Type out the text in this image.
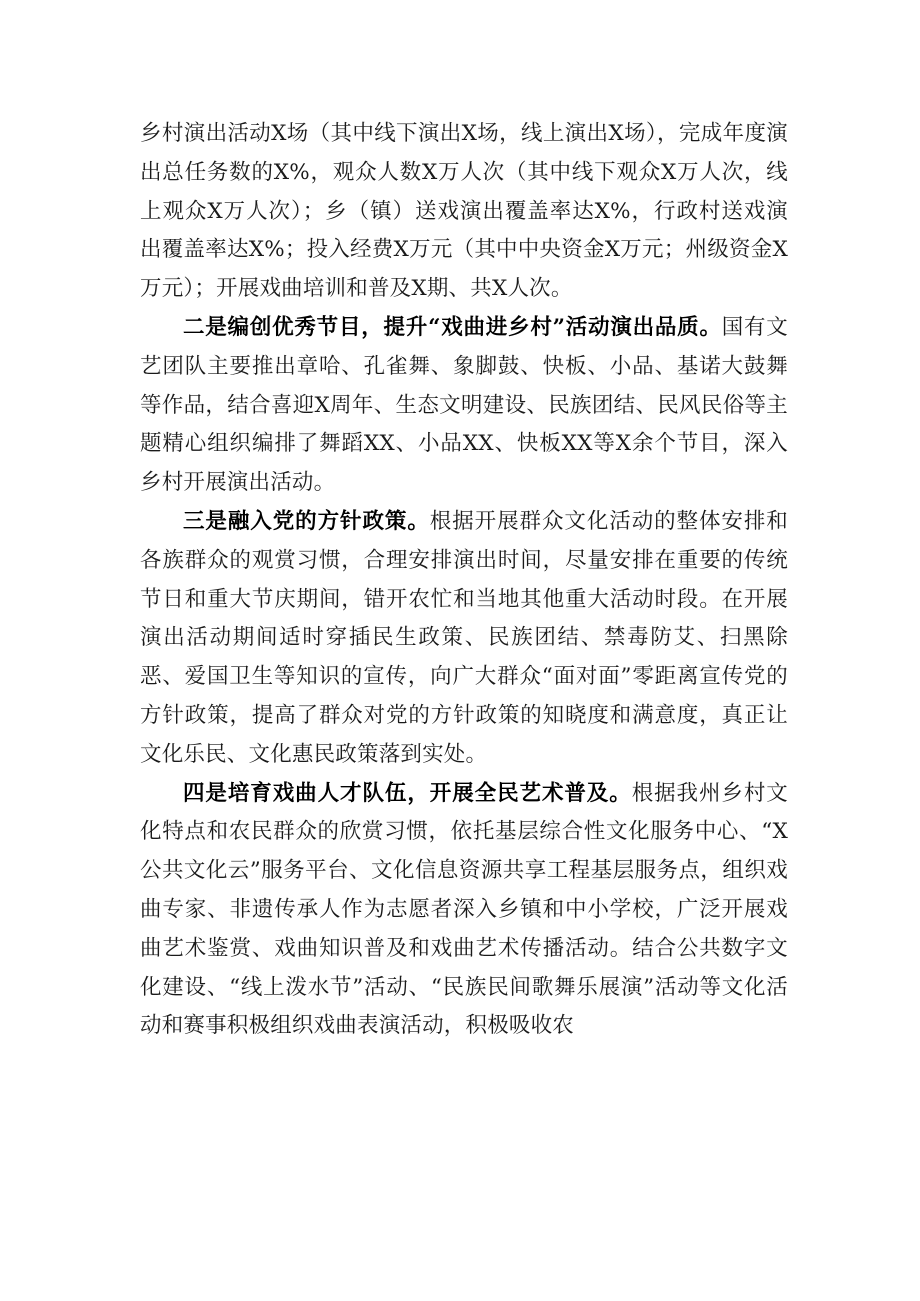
乡村演出活动X场（其中线下演出X场，线上演出X场），完成年度演出总任务数的X%，观众人数X万人次（其中线下观众X万人次，线上观众X万人次）；乡（镇）送戏演出覆盖率达X%，行政村送戏演出覆盖率达X%；投入经费X万元（其中中央资金X万元；州级资金X万元）；开展戏曲培训和普及X期、共X人次。

二是编创优秀节目，提升“戏曲进乡村”活动演出品质。国有文艺团队主要推出章哈、孔雀舞、象脚鼓、快板、小品、基诺大鼓舞等作品，结合喜迎X周年、生态文明建设、民族团结、民风民俗等主题精心组织编排了舞蹈XX、小品XX、快板XX等X余个节目，深入乡村开展演出活动。

三是融入党的方针政策。根据开展群众文化活动的整体安排和各族群众的观赏习惯，合理安排演出时间，尽量安排在重要的传统节日和重大节庆期间，错开农忙和当地其他重大活动时段。在开展演出活动期间适时穿插民生政策、民族团结、禁毒防艾、扫黑除恶、爱国卫生等知识的宣传，向广大群众“面对面”零距离宣传党的方针政策，提高了群众对党的方针政策的知晓度和满意度，真正让文化乐民、文化惠民政策落到实处。

四是培育戏曲人才队伍，开展全民艺术普及。根据我州乡村文化特点和农民群众的欣赏习惯，依托基层综合性文化服务中心、“X公共文化云”服务平台、文化信息资源共享工程基层服务点，组织戏曲专家、非遗传承人作为志愿者深入乡镇和中小学校，广泛开展戏曲艺术鉴赏、戏曲知识普及和戏曲艺术传播活动。结合公共数字文化建设、“线上泼水节”活动、“民族民间歌舞乐展演”活动等文化活动和赛事积极组织戏曲表演活动，积极吸收农
